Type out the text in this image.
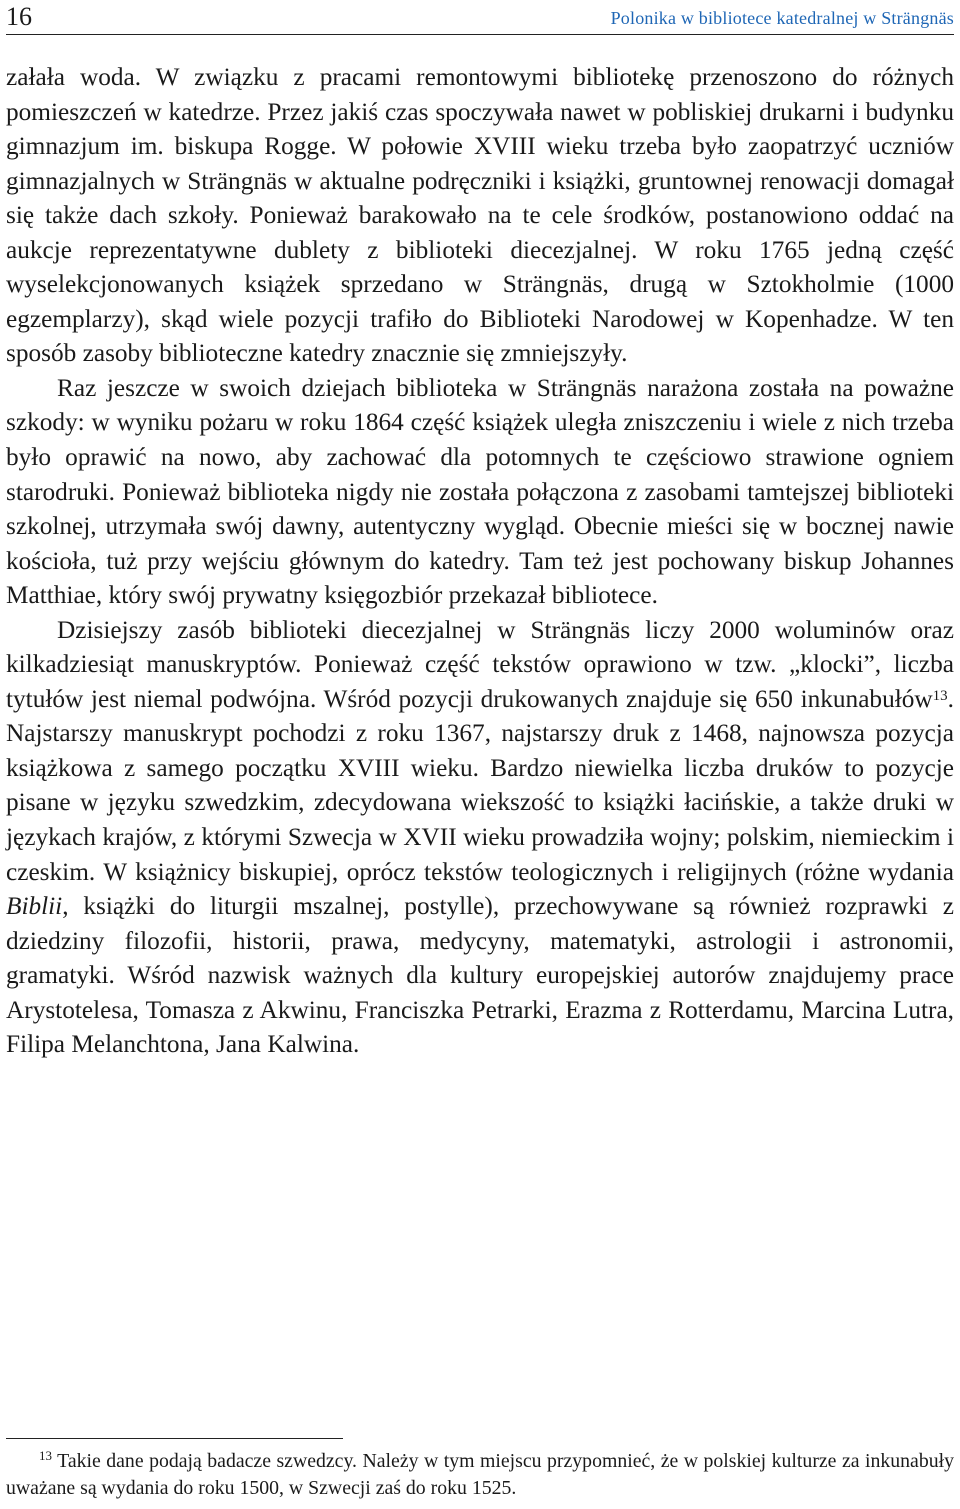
16	Polonika w bibliotece katedralnej w Strängnäs

załała woda. W związku z pracami remontowymi bibliotekę przenoszono do różnych pomieszczeń w katedrze. Przez jakiś czas spoczywała nawet w pobliskiej drukarni i budynku gimnazjum im. biskupa Rogge. W połowie XVIII wieku trzeba było zaopatrzyć uczniów gimnazjalnych w Strängnäs w aktualne podręczniki i książki, gruntownej renowacji domagał się także dach szkoły. Ponieważ barakowało na te cele środków, postanowiono oddać na aukcje reprezentatywne dublety z biblioteki diecezjalnej. W roku 1765 jedną część wyselekcjonowanych książek sprzedano w Strängnäs, drugą w Sztokholmie (1000 egzemplarzy), skąd wiele pozycji trafiło do Biblioteki Narodowej w Kopenhadze. W ten sposób zasoby biblioteczne katedry znacznie się zmniejszyły.

Raz jeszcze w swoich dziejach biblioteka w Strängnäs narażona została na poważne szkody: w wyniku pożaru w roku 1864 część książek uległa zniszczeniu i wiele z nich trzeba było oprawić na nowo, aby zachować dla potomnych te częściowo strawione ogniem starodruki. Ponieważ biblioteka nigdy nie została połączona z zasobami tamtejszej biblioteki szkolnej, utrzymała swój dawny, autentyczny wygląd. Obecnie mieści się w bocznej nawie kościoła, tuż przy wejściu głównym do katedry. Tam też jest pochowany biskup Johannes Matthiae, który swój prywatny księgozbiór przekazał bibliotece.

Dzisiejszy zasób biblioteki diecezjalnej w Strängnäs liczy 2000 woluminów oraz kilkadziesiąt manuskryptów. Ponieważ część tekstów oprawiono w tzw. „klocki”, liczba tytułów jest niemal podwójna. Wśród pozycji drukowanych znajduje się 650 inkunabułów$^{13}$. Najstarszy manuskrypt pochodzi z roku 1367, najstarszy druk z 1468, najnowsza pozycja książkowa z samego początku XVIII wieku. Bardzo niewielka liczba druków to pozycje pisane w języku szwedzkim, zdecydowana wiekszość to książki łacińskie, a także druki w językach krajów, z którymi Szwecja w XVII wieku prowadziła wojny; polskim, niemieckim i czeskim. W książnicy biskupiej, oprócz tekstów teologicznych i religijnych (różne wydania Biblii, książki do liturgii mszalnej, postylle), przechowywane są również rozprawki z dziedziny filozofii, historii, prawa, medycyny, matematyki, astrologii i astronomii, gramatyki. Wśród nazwisk ważnych dla kultury europejskiej autorów znajdujemy prace Arystotelesa, Tomasza z Akwinu, Franciszka Petrarki, Erazma z Rotterdamu, Marcina Lutra, Filipa Melanchtona, Jana Kalwina.

$^{13}$ Takie dane podają badacze szwedzcy. Należy w tym miejscu przypomnieć, że w polskiej kulturze za inkunabuły uważane są wydania do roku 1500, w Szwecji zaś do roku 1525.
